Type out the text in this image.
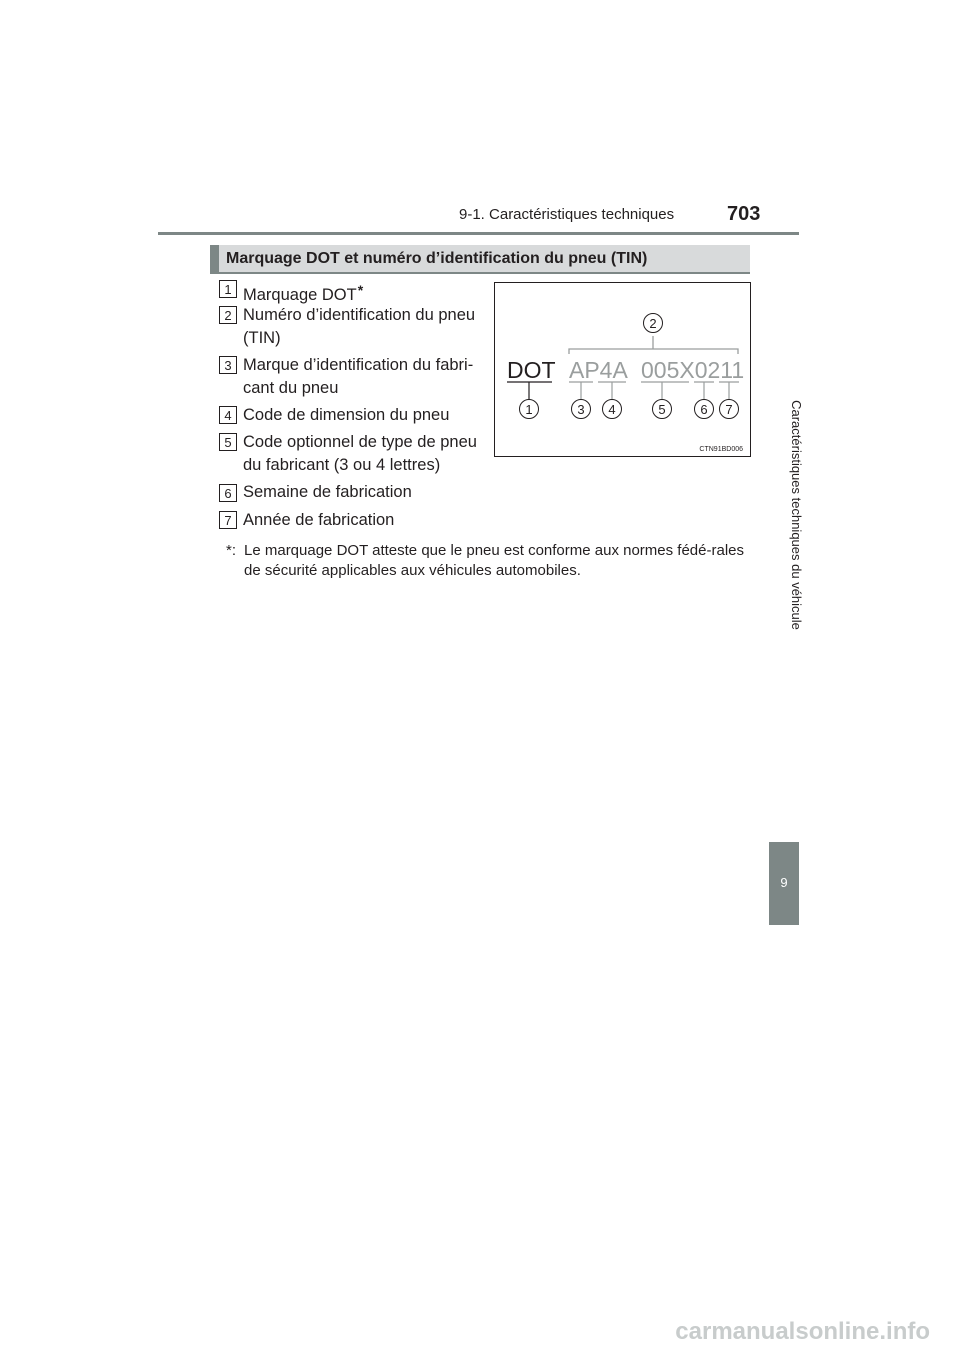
9-1. Caractéristiques techniques	703
Caractéristiques techniques du véhicule
9
Marquage DOT et numéro d’identification du pneu (TIN)
1 Marquage DOT*
2 Numéro d’identification du pneu
(TIN)
3 Marque d’identification du fabri-
cant du pneu
4 Code de dimension du pneu
5 Code optionnel de type de pneu
du fabricant (3 ou 4 lettres)
6 Semaine de fabrication
7 Année de fabrication
2
DOT AP4A 005X0211
1	3 4	5	6 7
CTN91BD006
*: Le marquage DOT atteste que le pneu est conforme aux normes fédé-rales de sécurité applicables aux véhicules automobiles.
carmanualsonline.info
